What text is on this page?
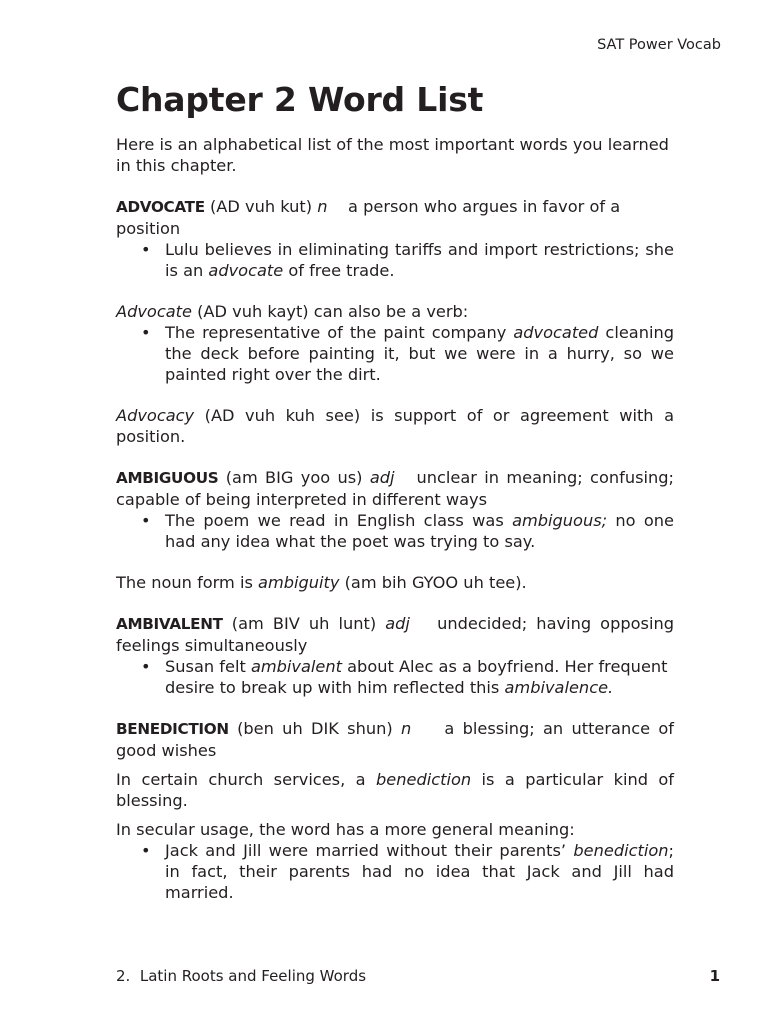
SAT Power Vocab
Chapter 2 Word List

Here is an alphabetical list of the most important words you learned in this chapter.

ADVOCATE (AD vuh kut) n a person who argues in favor of a position

• Lulu believes in eliminating tariffs and import restrictions; she is an advocate of free trade.

Advocate (AD vuh kayt) can also be a verb:

• The representative of the paint company advocated cleaning the deck before painting it, but we were in a hurry, so we painted right over the dirt.

Advocacy (AD vuh kuh see) is support of or agreement with a position.

AMBIGUOUS (am BIG yoo us) adj unclear in meaning; confusing; capable of being interpreted in different ways

• The poem we read in English class was ambiguous; no one had any idea what the poet was trying to say.

The noun form is ambiguity (am bih GYOO uh tee).

AMBIVALENT (am BIV uh lunt) adj undecided; having opposing feelings simultaneously

• Susan felt ambivalent about Alec as a boyfriend. Her frequent desire to break up with him reflected this ambivalence.

BENEDICTION (ben uh DIK shun) n a blessing; an utterance of good wishes

In certain church services, a benediction is a particular kind of blessing.

In secular usage, the word has a more general meaning:

• Jack and Jill were married without their parents’ benediction; in fact, their parents had no idea that Jack and Jill had married.
2.  Latin Roots and Feeling Words	1
